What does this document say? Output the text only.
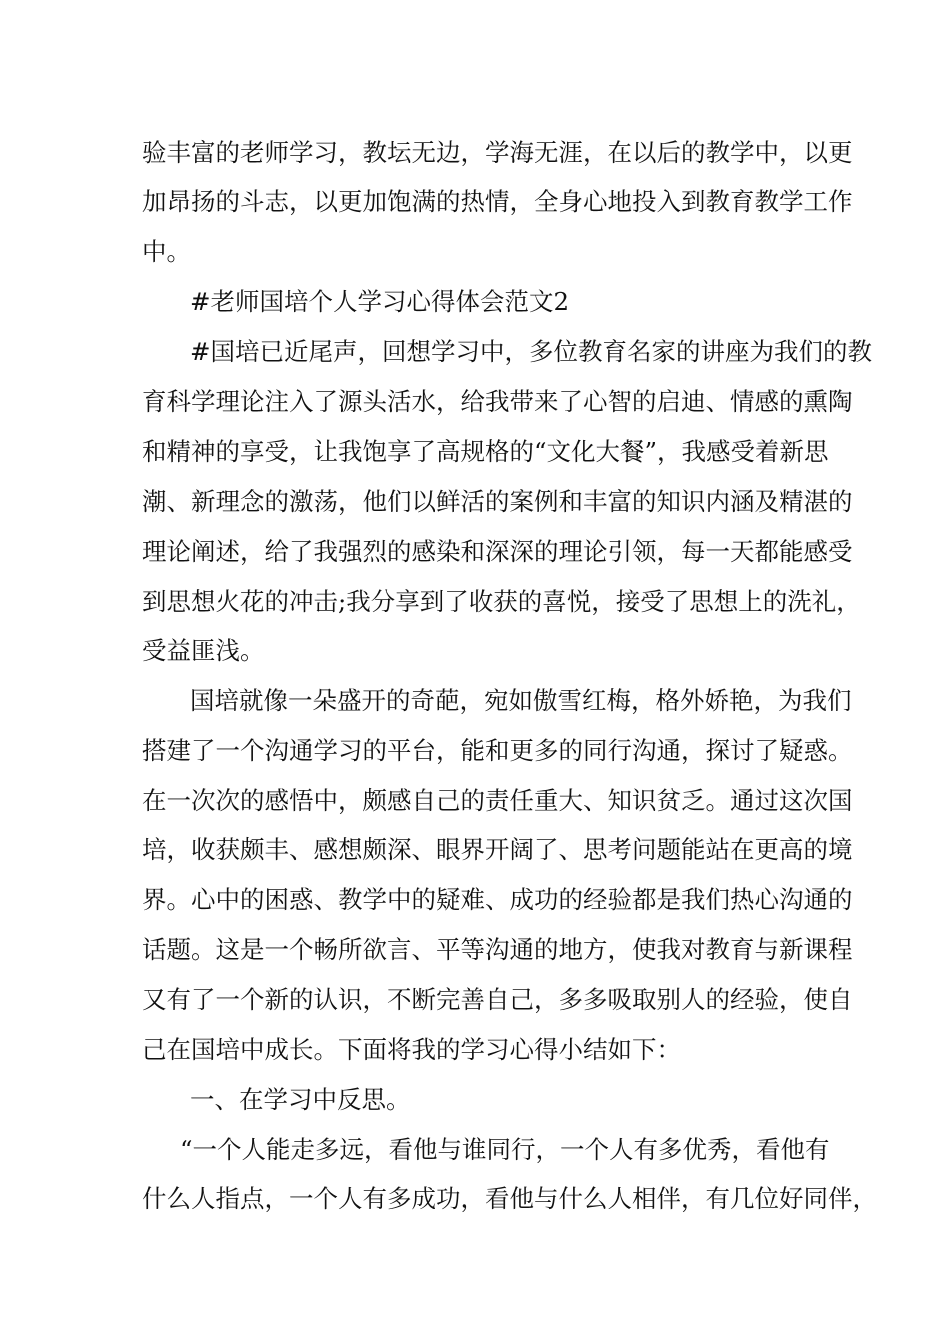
验丰富的老师学习，教坛无边，学海无涯，在以后的教学中，以更

加昂扬的斗志，以更加饱满的热情，全身心地投入到教育教学工作

中。

#老师国培个人学习心得体会范文2

#国培已近尾声，回想学习中，多位教育名家的讲座为我们的教

育科学理论注入了源头活水，给我带来了心智的启迪、情感的熏陶

和精神的享受，让我饱享了高规格的“文化大餐”，我感受着新思

潮、新理念的激荡，他们以鲜活的案例和丰富的知识内涵及精湛的

理论阐述，给了我强烈的感染和深深的理论引领，每一天都能感受

到思想火花的冲击;我分享到了收获的喜悦，接受了思想上的洗礼，

受益匪浅。

国培就像一朵盛开的奇葩，宛如傲雪红梅，格外娇艳，为我们

搭建了一个沟通学习的平台，能和更多的同行沟通，探讨了疑惑。

在一次次的感悟中，颇感自己的责任重大、知识贫乏。通过这次国

培，收获颇丰、感想颇深、眼界开阔了、思考问题能站在更高的境

界。心中的困惑、教学中的疑难、成功的经验都是我们热心沟通的

话题。这是一个畅所欲言、平等沟通的地方，使我对教育与新课程

又有了一个新的认识，不断完善自己，多多吸取别人的经验，使自

己在国培中成长。下面将我的学习心得小结如下：

一、在学习中反思。

“一个人能走多远，看他与谁同行，一个人有多优秀，看他有

什么人指点，一个人有多成功，看他与什么人相伴，有几位好同伴，
